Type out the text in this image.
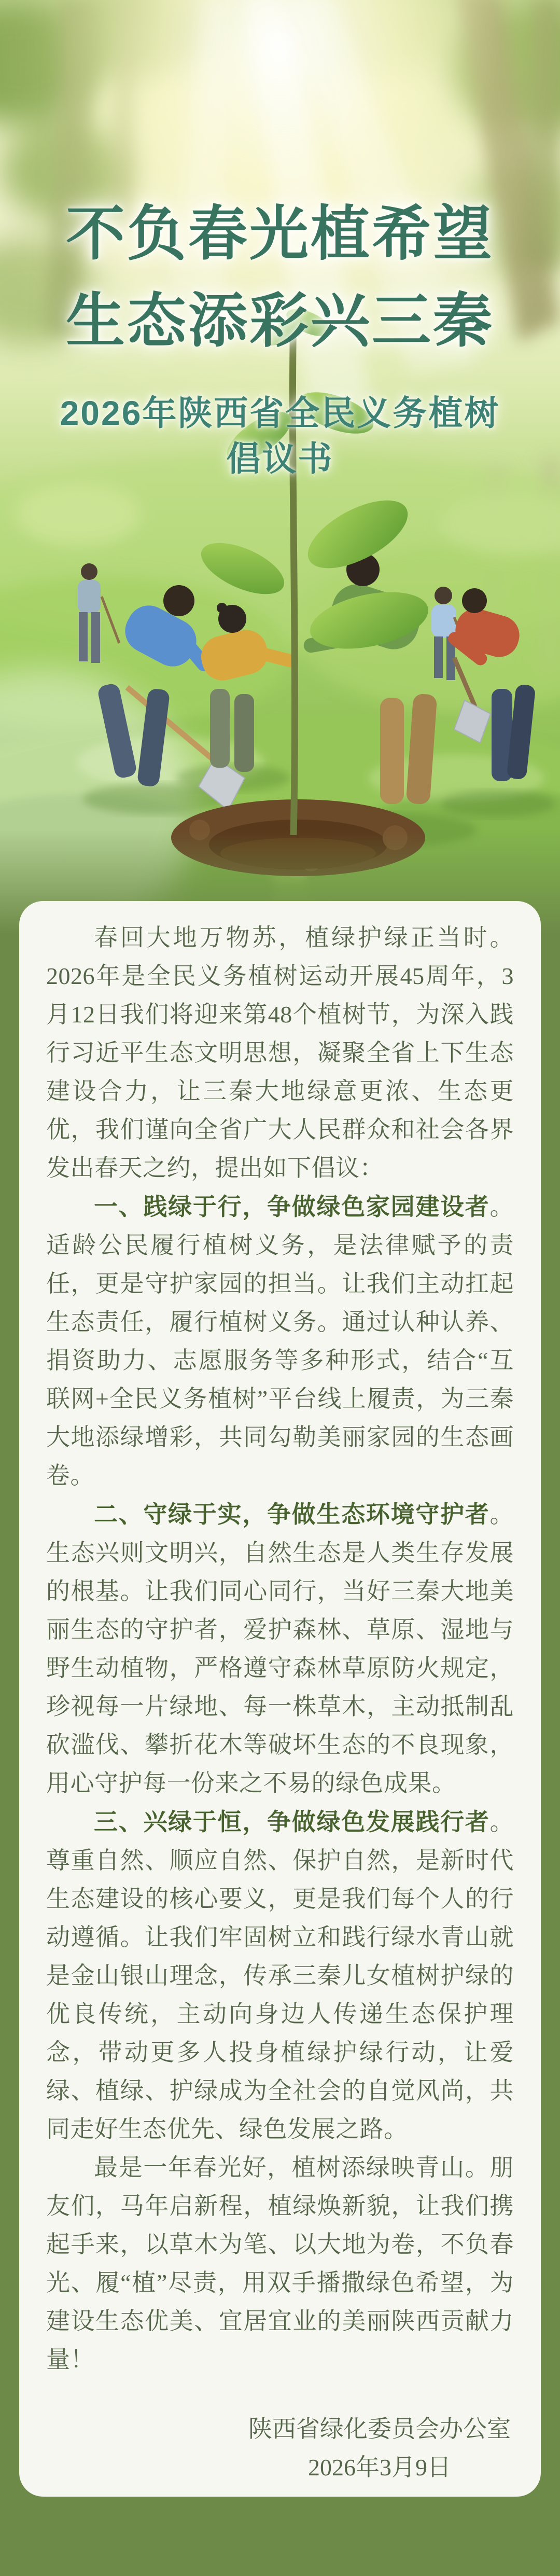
不负春光植希望
生态添彩兴三秦
2026年陕西省全民义务植树
倡议书

春回大地万物苏，植绿护绿正当时。2026年是全民义务植树运动开展45周年，3月12日我们将迎来第48个植树节，为深入践行习近平生态文明思想，凝聚全省上下生态建设合力，让三秦大地绿意更浓、生态更优，我们谨向全省广大人民群众和社会各界发出春天之约，提出如下倡议：

一、践绿于行，争做绿色家园建设者。适龄公民履行植树义务，是法律赋予的责任，更是守护家园的担当。让我们主动扛起生态责任，履行植树义务。通过认种认养、捐资助力、志愿服务等多种形式，结合“互联网+全民义务植树”平台线上履责，为三秦大地添绿增彩，共同勾勒美丽家园的生态画卷。

二、守绿于实，争做生态环境守护者。生态兴则文明兴，自然生态是人类生存发展的根基。让我们同心同行，当好三秦大地美丽生态的守护者，爱护森林、草原、湿地与野生动植物，严格遵守森林草原防火规定，珍视每一片绿地、每一株草木，主动抵制乱砍滥伐、攀折花木等破坏生态的不良现象，用心守护每一份来之不易的绿色成果。

三、兴绿于恒，争做绿色发展践行者。尊重自然、顺应自然、保护自然，是新时代生态建设的核心要义，更是我们每个人的行动遵循。让我们牢固树立和践行绿水青山就是金山银山理念，传承三秦儿女植树护绿的优良传统，主动向身边人传递生态保护理念，带动更多人投身植绿护绿行动，让爱绿、植绿、护绿成为全社会的自觉风尚，共同走好生态优先、绿色发展之路。

最是一年春光好，植树添绿映青山。朋友们，马年启新程，植绿焕新貌，让我们携起手来，以草木为笔、以大地为卷，不负春光、履“植”尽责，用双手播撒绿色希望，为建设生态优美、宜居宜业的美丽陕西贡献力量！

陕西省绿化委员会办公室
2026年3月9日
